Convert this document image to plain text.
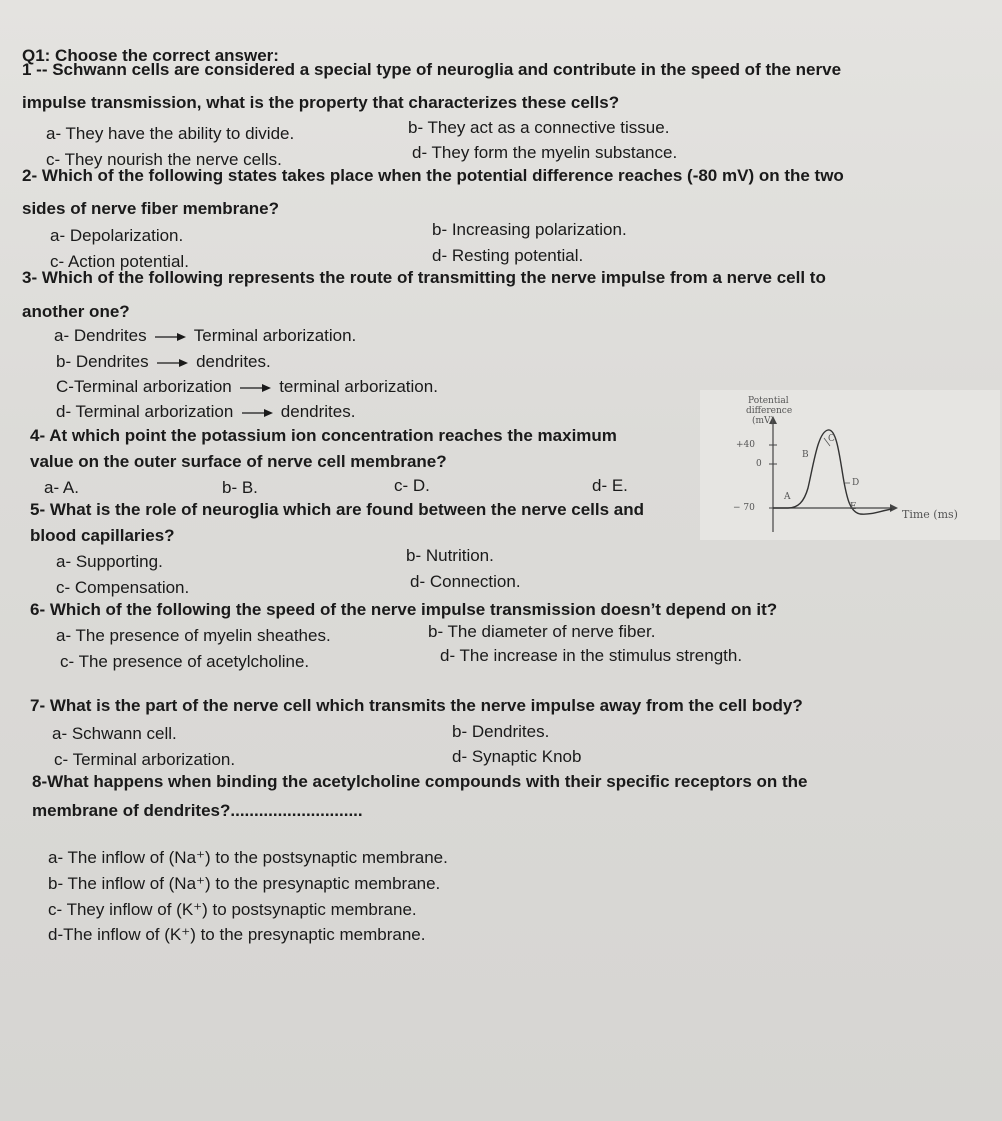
Q1: Choose the correct answer:
1 -- Schwann cells are considered a special type of neuroglia and contribute in the speed of the nerve
impulse transmission, what is the property that characterizes these cells?
a- They have the ability to divide.	b- They act as a connective tissue.
c- They nourish the nerve cells.	d- They form the myelin substance.
2- Which of the following states takes place when the potential difference reaches (-80 mV) on the two
sides of nerve fiber membrane?
a- Depolarization.	b- Increasing polarization.
c- Action potential.	d- Resting potential.
3- Which of the following represents the route of transmitting the nerve impulse from a nerve cell to
another one?
a- Dendrites	Terminal arborization.
b- Dendrites	dendrites.
C-Terminal arborization	terminal arborization.
d- Terminal arborization	dendrites.
4- At which point the potassium ion concentration reaches the maximum
value on the outer surface of nerve cell membrane?
a- A.	b- B.	c- D.	d- E.
5- What is the role of neuroglia which are found between the nerve cells and
blood capillaries?
a- Supporting.	b- Nutrition.
c- Compensation.	d- Connection.
6- Which of the following the speed of the nerve impulse transmission doesn’t depend on it?
a- The presence of myelin sheathes.	b- The diameter of nerve fiber.
c- The presence of acetylcholine.	d- The increase in the stimulus strength.
7- What is the part of the nerve cell which transmits the nerve impulse away from the cell body?
a- Schwann cell.	b- Dendrites.
c- Terminal arborization.	d- Synaptic Knob
8-What happens when binding the acetylcholine compounds with their specific receptors on the
membrane of dendrites?............................
a- The inflow of (Na⁺) to the postsynaptic membrane.
b- The inflow of (Na⁺) to the presynaptic membrane.
c- They inflow of (K⁺) to postsynaptic membrane.
d-The inflow of (K⁺) to the presynaptic membrane.
Potential
difference
(mV)
+40
0
− 70
A
B
C
D
E
Time (ms)
